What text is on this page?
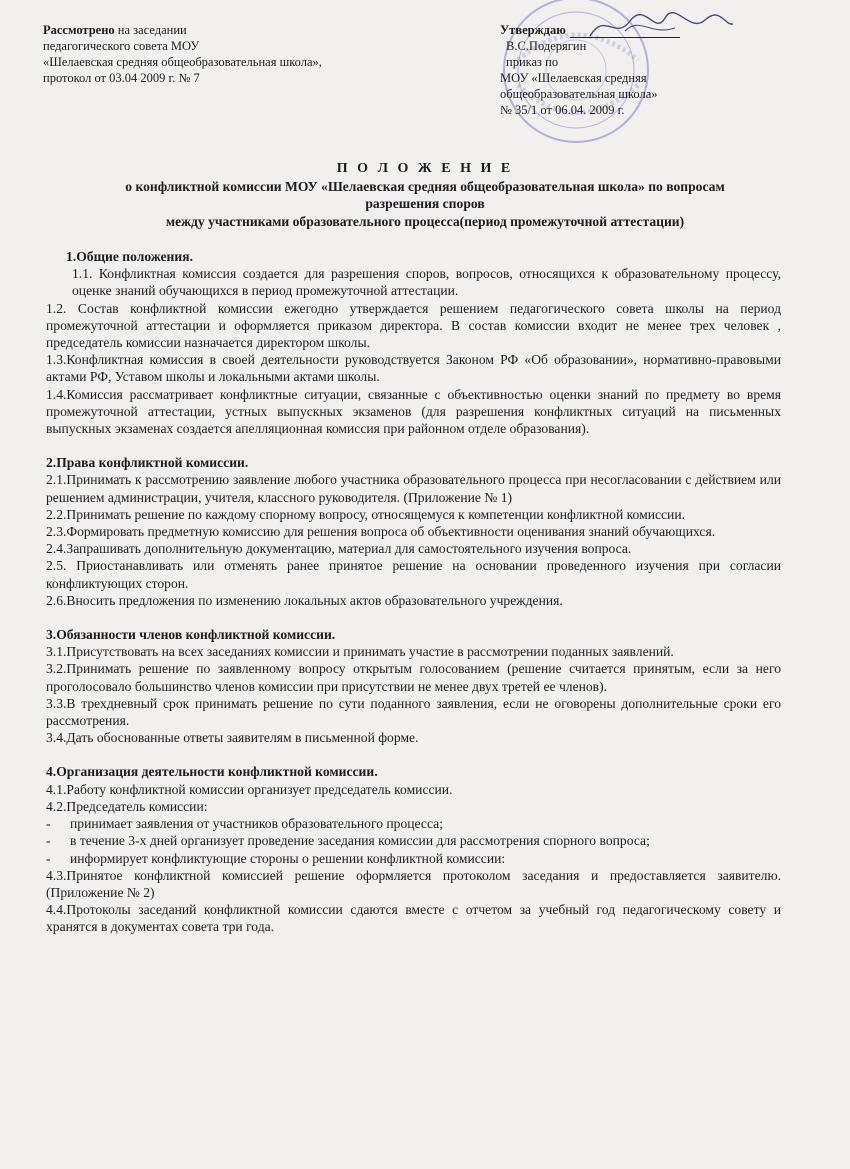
Рассмотрено на заседании
педагогического совета МОУ
«Шелаевская средняя общеобразовательная школа»,
протокол от 03.04 2009 г. № 7
Утверждаю
В.С.Подерягин
приказ по
МОУ «Шелаевская средняя
общеобразовательная школа»
№ 35/1 от 06.04. 2009 г.
П О Л О Ж Е Н И Е
о конфликтной комиссии МОУ «Шелаевская средняя общеобразовательная школа» по вопросам
разрешения споров
между участниками образовательного процесса(период промежуточной аттестации)

1.Общие положения.

1.1. Конфликтная комиссия создается для разрешения споров, вопросов, относящихся к образовательному процессу, оценке знаний обучающихся в период промежуточной аттестации.

1.2. Состав конфликтной комиссии ежегодно утверждается решением педагогического совета школы на период промежуточной аттестации и оформляется приказом директора. В состав комиссии входит не менее трех человек , председатель комиссии назначается директором школы.

1.3.Конфликтная комиссия в своей деятельности руководствуется Законом РФ «Об образовании», нормативно-правовыми актами РФ, Уставом школы и локальными актами школы.

1.4.Комиссия рассматривает конфликтные ситуации, связанные с объективностью оценки знаний по предмету во время промежуточной аттестации, устных выпускных экзаменов (для разрешения конфликтных ситуаций на письменных выпускных экзаменах создается апелляционная комиссия при районном отделе образования).

2.Права конфликтной комиссии.

2.1.Принимать к рассмотрению заявление любого участника образовательного процесса при несогласовании с действием или решением администрации, учителя, классного руководителя. (Приложение № 1)

2.2.Принимать решение по каждому спорному вопросу, относящемуся к компетенции конфликтной комиссии.

2.3.Формировать предметную комиссию для решения вопроса об объективности оценивания знаний обучающихся.

2.4.Запрашивать дополнительную документацию, материал для самостоятельного изучения вопроса.

2.5. Приостанавливать или отменять ранее принятое решение на основании проведенного изучения при согласии конфликтующих сторон.

2.6.Вносить предложения по изменению локальных актов образовательного учреждения.

3.Обязанности членов конфликтной комиссии.

3.1.Присутствовать на всех заседаниях комиссии и принимать участие в рассмотрении поданных заявлений.

3.2.Принимать решение по заявленному вопросу открытым голосованием (решение считается принятым, если за него проголосовало большинство членов комиссии при присутствии не менее двух третей ее членов).

3.3.В трехдневный срок принимать решение по сути поданного заявления, если не оговорены дополнительные сроки его рассмотрения.

3.4.Дать обоснованные ответы заявителям в письменной форме.

4.Организация деятельности конфликтной комиссии.

4.1.Работу конфликтной комиссии организует председатель комиссии.

4.2.Председатель комиссии:

-	принимает заявления от участников образовательного процесса;
-	в течение 3-х дней организует проведение заседания комиссии для рассмотрения спорного вопроса;
-	информирует конфликтующие стороны о решении конфликтной комиссии:

4.3.Принятое конфликтной комиссией решение оформляется протоколом заседания и предоставляется заявителю. (Приложение № 2)

4.4.Протоколы заседаний конфликтной комиссии сдаются вместе с отчетом за учебный год педагогическому совету и хранятся в документах совета три года.
